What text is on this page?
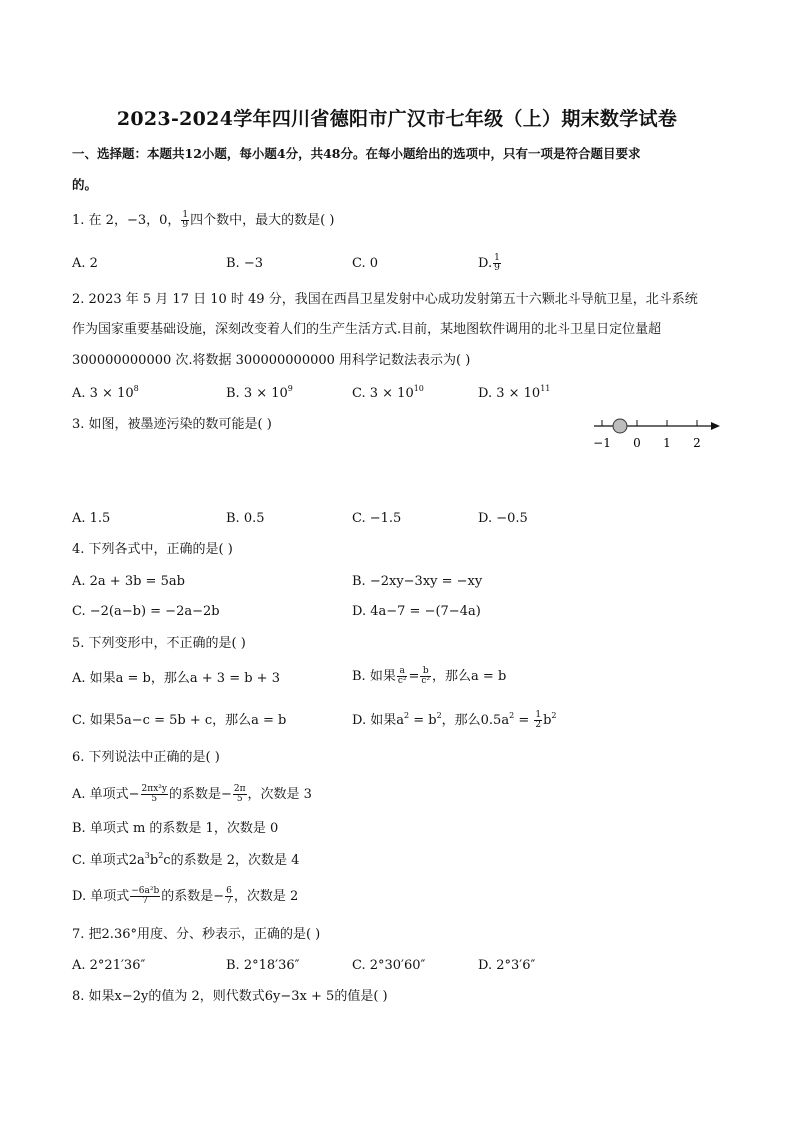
2023-2024学年四川省德阳市广汉市七年级（上）期末数学试卷
一、选择题：本题共12小题，每小题4分，共48分。在每小题给出的选项中，只有一项是符合题目要求
的。
1. 在 2，−3，0， $\frac{1}{9}$ 四个数中，最大的数是( )
A. 2	B. −3	C. 0	D. $\frac{1}{9}$
2. 2023 年 5 月 17 日 10 时 49 分，我国在西昌卫星发射中心成功发射第五十六颗北斗导航卫星，北斗系统
作为国家重要基础设施，深刻改变着人们的生产生活方式.目前，某地图软件调用的北斗卫星日定位量超
300000000000 次.将数据 300000000000 用科学记数法表示为( )
A. $3 \times 10^8$	B. $3 \times 10^9$	C. $3 \times 10^{10}$	D. $3 \times 10^{11}$
3. 如图，被墨迹污染的数可能是( )
−1 0 1 2
A. 1.5	B. 0.5	C. −1.5	D. −0.5
4. 下列各式中，正确的是( )
A. 2a + 3b = 5ab	B. −2xy−3xy = −xy
C. −2(a−b) = −2a−2b	D. 4a−7 = −(7−4a)
5. 下列变形中，不正确的是( )
A. 如果a = b，那么a + 3 = b + 3	B. 如果 $\frac{a}{\text{c²}} = \frac{b}{\text{c²}}$ ，那么a = b
C. 如果5a−c = 5b + c，那么a = b	D. 如果$a^2 = b^2$，那么$0.5a^2 = \frac{1}{2} b^2$
6. 下列说法中正确的是( )
A. 单项式− $\frac{\text{2πx²y}}{5}$ 的系数是− $\frac{2\pi}{5}$ ，次数是 3
B. 单项式 m 的系数是 1，次数是 0
C. 单项式$2a^3b^2c$的系数是 2，次数是 4
D. 单项式 $\frac{\text{−6a²b}}{7}$ 的系数是− $\frac{6}{7}$ ，次数是 2
7. 把2.36°用度、分、秒表示，正确的是( )
A. 2°21′36″	B. 2°18′36″	C. 2°30′60″	D. 2°3′6″
8. 如果x−2y的值为 2，则代数式6y−3x + 5的值是( )
